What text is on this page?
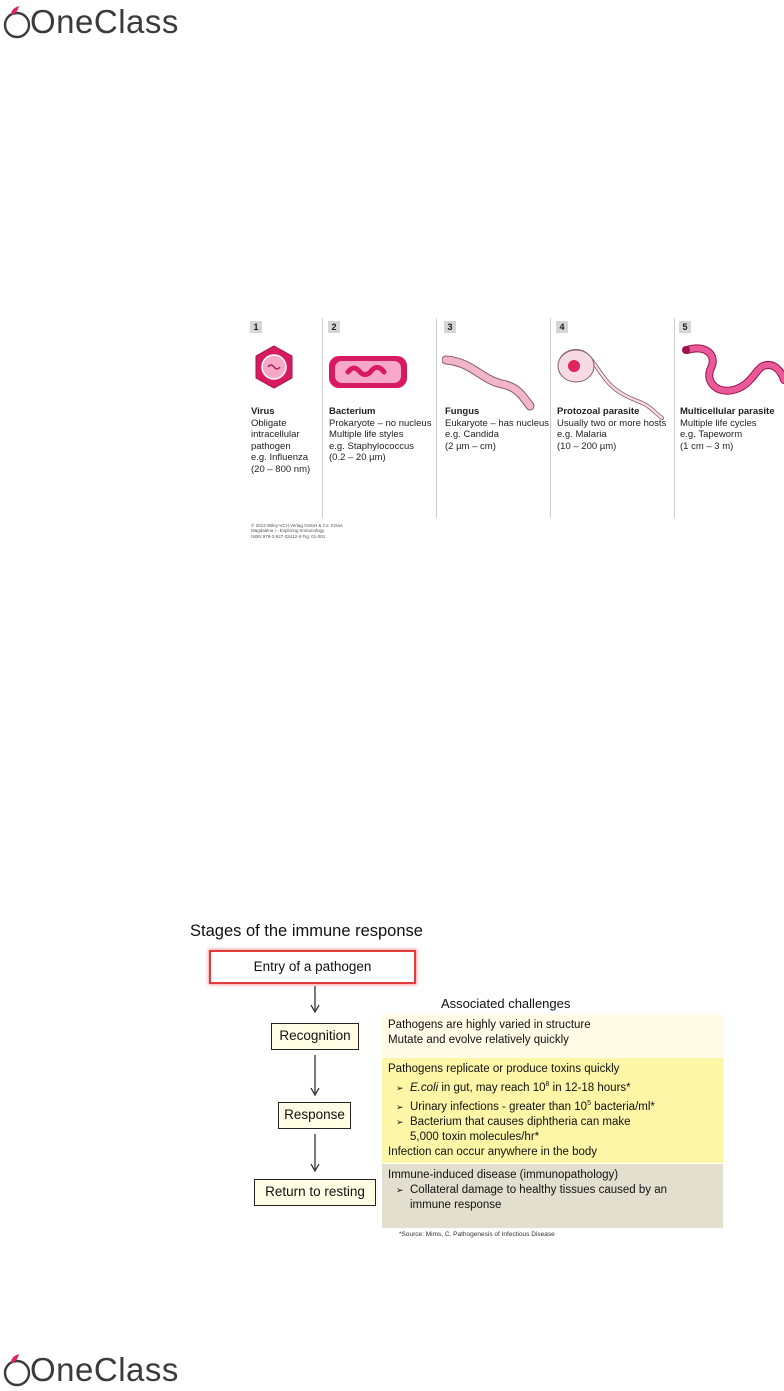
OneClass
1
Virus
Obligate
intracellular
pathogen
e.g. Influenza
(20 – 800 nm)
2
Bacterium
Prokaryote – no nucleus
Multiple life styles
e.g. Staphylococcus
(0.2 – 20 µm)
3
Fungus
Eukaryote – has nucleus
e.g. Candida
(2 µm – cm)
4
Protozoal parasite
Usually two or more hosts
e.g. Malaria
(10 – 200 µm)
5
Multicellular parasite
Multiple life cycles
e.g. Tapeworm
(1 cm – 3 m)
© 2013 Wiley-VCH Verlag GmbH & Co. KGaA
Magdalena I - Exploring Immunology
ISBN 978-3-527-32412-6 Fig. 01-001
Stages of the immune response
Entry of a pathogen
Recognition
Response
Return to resting
Associated challenges
Pathogens are highly varied in structure
Mutate and evolve relatively quickly
Pathogens replicate or produce toxins quickly
➢ E.coli in gut, may reach $10^8$ in 12-18 hours*
➢ Urinary infections - greater than $10^5$ bacteria/ml*
➢ Bacterium that causes diphtheria can make
5,000 toxin molecules/hr*
Infection can occur anywhere in the body
Immune-induced disease (immunopathology)
➢ Collateral damage to healthy tissues caused by an
immune response
*Source: Mims, C. Pathogenesis of Infectious Disease
OneClass
